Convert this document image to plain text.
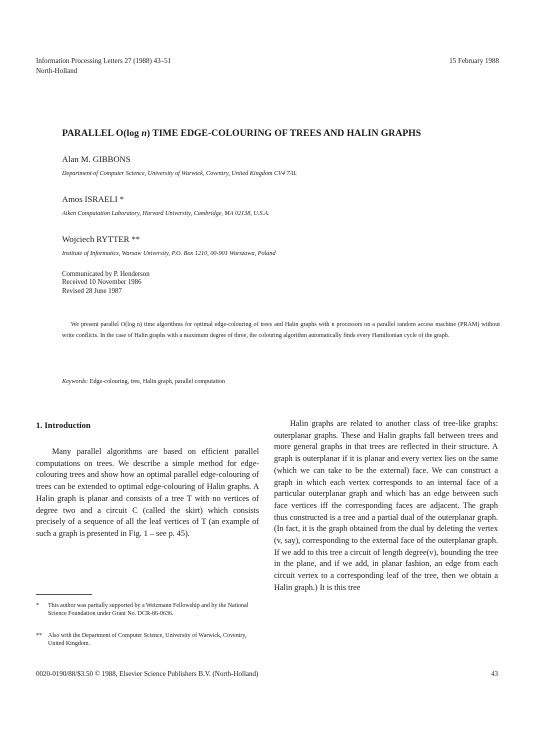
Information Processing Letters 27 (1988) 43–51
North-Holland
15 February 1988
PARALLEL O(log n) TIME EDGE-COLOURING OF TREES AND HALIN GRAPHS
Alan M. GIBBONS
Department of Computer Science, University of Warwick, Coventry, United Kingdom CV4 7AL
Amos ISRAELI *
Aiken Computation Laboratory, Harvard University, Cambridge, MA 02138, U.S.A.
Wojciech RYTTER **
Institute of Informatics, Warsaw University, P.O. Box 1210, 00-901 Warszawa, Poland
Communicated by P. Henderson
Received 10 November 1986
Revised 28 June 1987
We present parallel O(log n) time algorithms for optimal edge-colouring of trees and Halin graphs with n processors on a parallel random access machine (PRAM) without write conflicts. In the case of Halin graphs with a maximum degree of three, the colouring algorithm automatically finds every Hamiltonian cycle of the graph.
Keywords: Edge-colouring, tree, Halin graph, parallel computation
1. Introduction
Many parallel algorithms are based on efficient parallel computations on trees. We describe a simple method for edge-colouring trees and show how an optimal parallel edge-colouring of trees can be extended to optimal edge-colouring of Halin graphs. A Halin graph is planar and consists of a tree T with no vertices of degree two and a circuit C (called the skirt) which consists precisely of a sequence of all the leaf vertices of T (an example of such a graph is presented in Fig. 1 – see p. 45).
*	This author was partially supported by a Weizmann Fellowship and by the National Science Foundation under Grant No. DCR-86-0636.
**	Also with the Department of Computer Science, University of Warwick, Coventry, United Kingdom.
Halin graphs are related to another class of tree-like graphs: outerplanar graphs. These and Halin graphs fall between trees and more general graphs in that trees are reflected in their structure. A graph is outerplanar if it is planar and every vertex lies on the same (which we can take to be the external) face. We can construct a graph in which each vertex corresponds to an internal face of a particular outerplanar graph and which has an edge between such face vertices iff the corresponding faces are adjacent. The graph thus constructed is a tree and a partial dual of the outerplanar graph. (In fact, it is the graph obtained from the dual by deleting the vertex (v, say), corresponding to the external face of the outerplanar graph. If we add to this tree a circuit of length degree(v), bounding the tree in the plane, and if we add, in planar fashion, an edge from each circuit vertex to a corresponding leaf of the tree, then we obtain a Halin graph.) It is this tree
0020-0190/88/$3.50 © 1988, Elsevier Science Publishers B.V. (North-Holland)	43
